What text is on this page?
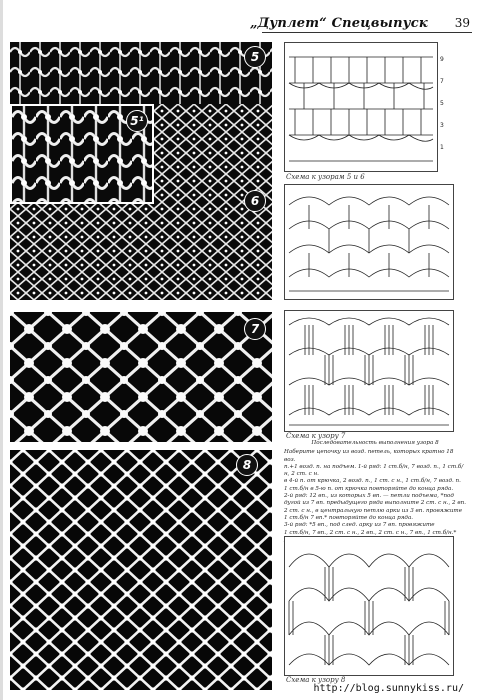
„Дуплет“ Спецвыпуск 39
5
5¹
6
7
8
9
7
5
3
1
Схема к узорам 5 и 6
Схема к узору 7

Последовательность выполнения узора 8

Наберите цепочку из возд. петель, которых кратно 18 воз.

п.+1 возд. п. на подъем. 1-й ряд: 1 ст.б/н, 7 возд. п., 1 ст.б/н, 2 ст. с н.

в 4-й п. от крючка, 2 возд. п., 1 ст. с н., 1 ст.б/н, 7 возд. п.

1 ст.б/н в 5-ю п. от крючка повторяйте до конца ряда.

2-й ряд: 12 вп., из которых 5 вп. — петли подъема, *под

дугой из 7 вп. предыдущего ряда выполните 2 ст. с н., 2 вп.

2 ст. с н., в центральную петлю арки из 3 вп. провяжите

1 ст.б/н 7 вп.* повторяйте до конца ряда.

3-й ряд: *5 вп., под след. арку из 7 вп. провяжите

1 ст.б/н, 7 вп., 2 ст. с н., 2 вп., 2 ст. с н., 7 вп., 1 ст.б/н.*

Схема к узору 8
http://blog.sunnykiss.ru/
